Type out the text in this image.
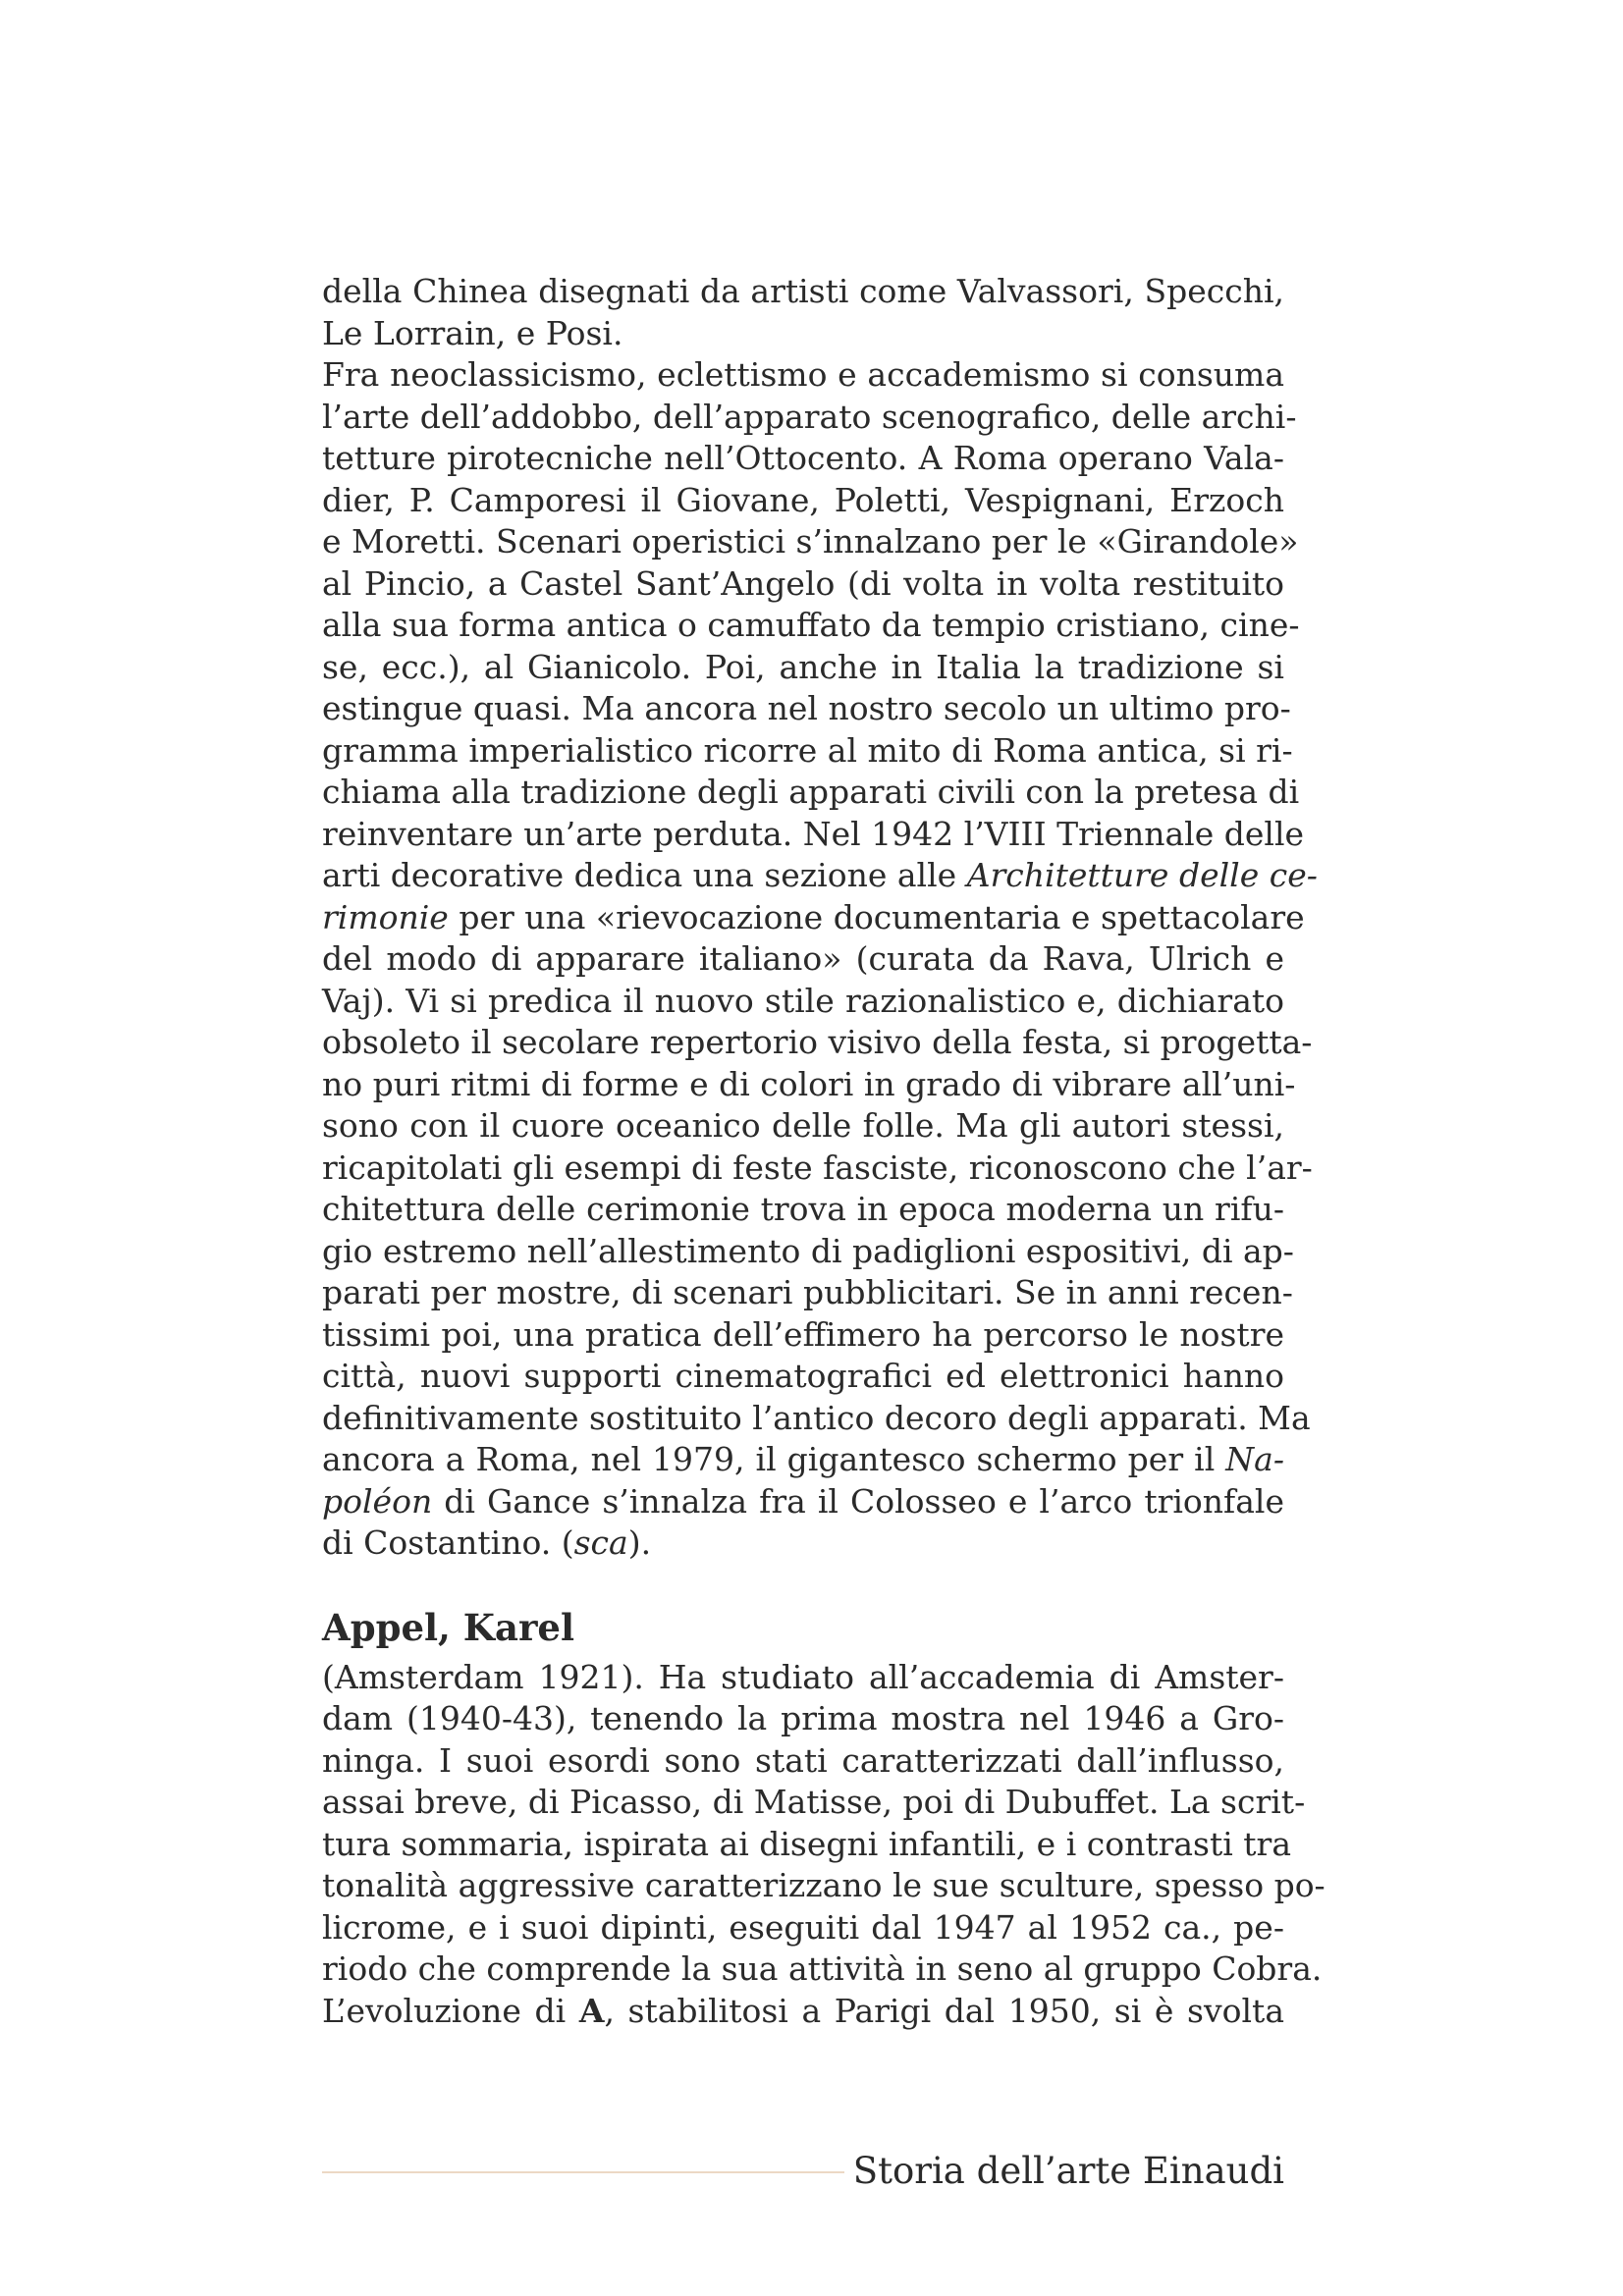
della Chinea disegnati da artisti come Valvassori, Specchi,
Le Lorrain, e Posi.
Fra neoclassicismo, eclettismo e accademismo si consuma
l’arte dell’addobbo, dell’apparato scenografico, delle archi-
tetture pirotecniche nell’Ottocento. A Roma operano Vala-
dier, P. Camporesi il Giovane, Poletti, Vespignani, Erzoch
e Moretti. Scenari operistici s’innalzano per le «Girandole»
al Pincio, a Castel Sant’Angelo (di volta in volta restituito
alla sua forma antica o camuffato da tempio cristiano, cine-
se, ecc.), al Gianicolo. Poi, anche in Italia la tradizione si
estingue quasi. Ma ancora nel nostro secolo un ultimo pro-
gramma imperialistico ricorre al mito di Roma antica, si ri-
chiama alla tradizione degli apparati civili con la pretesa di
reinventare un’arte perduta. Nel 1942 l’VIII Triennale delle
arti decorative dedica una sezione alle Architetture delle ce-
rimonie per una «rievocazione documentaria e spettacolare
del modo di apparare italiano» (curata da Rava, Ulrich e
Vaj). Vi si predica il nuovo stile razionalistico e, dichiarato
obsoleto il secolare repertorio visivo della festa, si progetta-
no puri ritmi di forme e di colori in grado di vibrare all’uni-
sono con il cuore oceanico delle folle. Ma gli autori stessi,
ricapitolati gli esempi di feste fasciste, riconoscono che l’ar-
chitettura delle cerimonie trova in epoca moderna un rifu-
gio estremo nell’allestimento di padiglioni espositivi, di ap-
parati per mostre, di scenari pubblicitari. Se in anni recen-
tissimi poi, una pratica dell’effimero ha percorso le nostre
città, nuovi supporti cinematografici ed elettronici hanno
definitivamente sostituito l’antico decoro degli apparati. Ma
ancora a Roma, nel 1979, il gigantesco schermo per il Na-
poléon di Gance s’innalza fra il Colosseo e l’arco trionfale
di Costantino. (sca).
Appel, Karel
(Amsterdam 1921). Ha studiato all’accademia di Amster-
dam (1940-43), tenendo la prima mostra nel 1946 a Gro-
ninga. I suoi esordi sono stati caratterizzati dall’influsso,
assai breve, di Picasso, di Matisse, poi di Dubuffet. La scrit-
tura sommaria, ispirata ai disegni infantili, e i contrasti tra
tonalità aggressive caratterizzano le sue sculture, spesso po-
licrome, e i suoi dipinti, eseguiti dal 1947 al 1952 ca., pe-
riodo che comprende la sua attività in seno al gruppo Cobra.
L’evoluzione di A, stabilitosi a Parigi dal 1950, si è svolta
Storia dell’arte Einaudi
